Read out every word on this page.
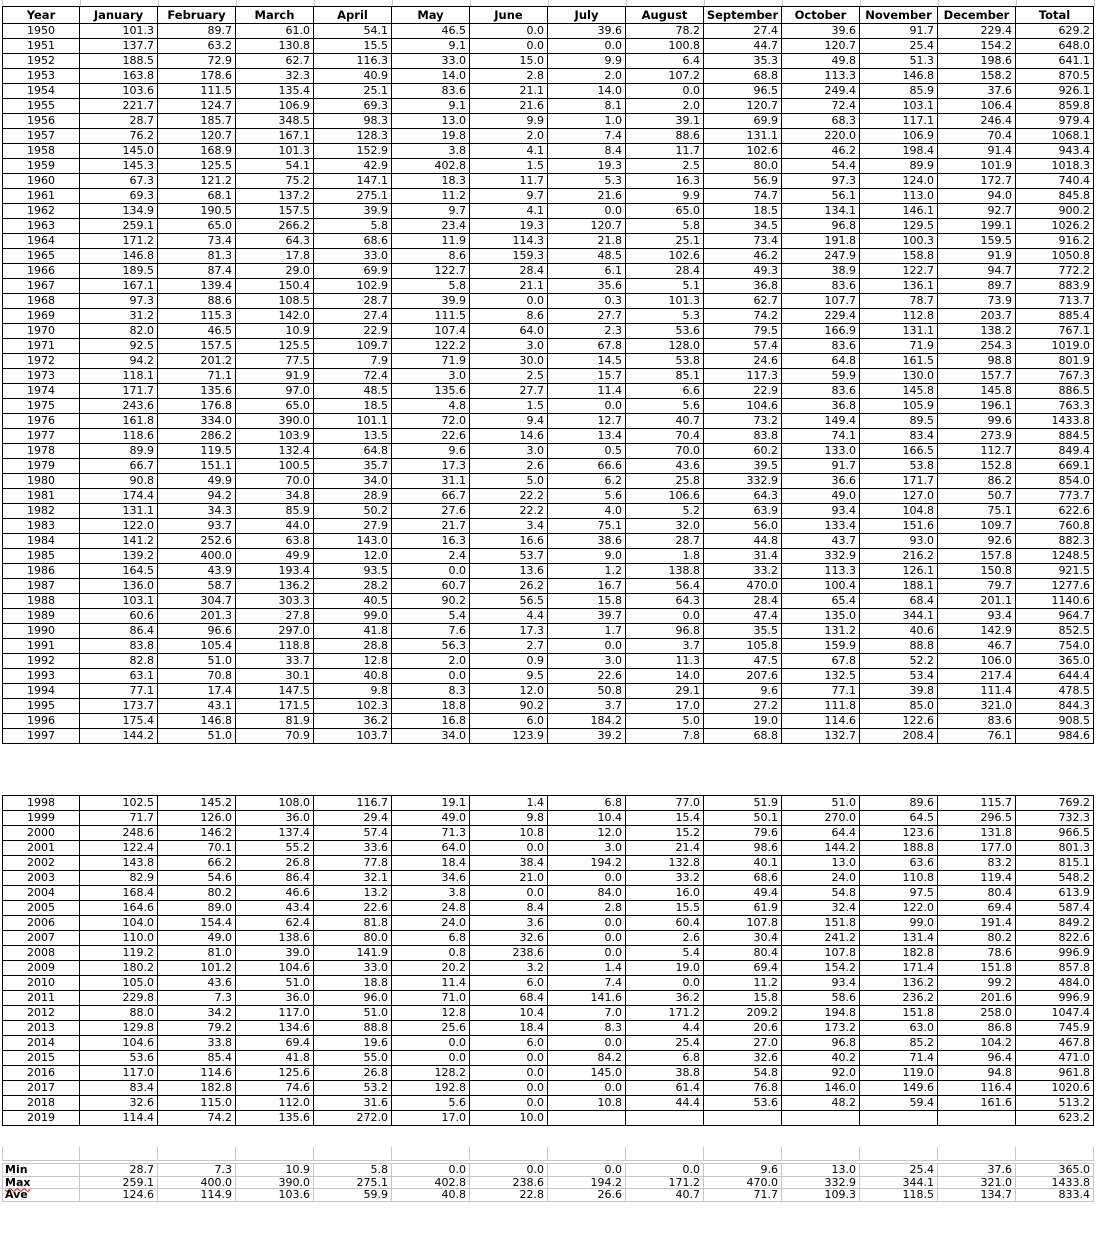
Year	January	February	March	April	May	June	July	August	September	October	November	December	Total
1950	101.3	89.7	61.0	54.1	46.5	0.0	39.6	78.2	27.4	39.6	91.7	229.4	629.2
1951	137.7	63.2	130.8	15.5	9.1	0.0	0.0	100.8	44.7	120.7	25.4	154.2	648.0
1952	188.5	72.9	62.7	116.3	33.0	15.0	9.9	6.4	35.3	49.8	51.3	198.6	641.1
1953	163.8	178.6	32.3	40.9	14.0	2.8	2.0	107.2	68.8	113.3	146.8	158.2	870.5
1954	103.6	111.5	135.4	25.1	83.6	21.1	14.0	0.0	96.5	249.4	85.9	37.6	926.1
1955	221.7	124.7	106.9	69.3	9.1	21.6	8.1	2.0	120.7	72.4	103.1	106.4	859.8
1956	28.7	185.7	348.5	98.3	13.0	9.9	1.0	39.1	69.9	68.3	117.1	246.4	979.4
1957	76.2	120.7	167.1	128.3	19.8	2.0	7.4	88.6	131.1	220.0	106.9	70.4	1068.1
1958	145.0	168.9	101.3	152.9	3.8	4.1	8.4	11.7	102.6	46.2	198.4	91.4	943.4
1959	145.3	125.5	54.1	42.9	402.8	1.5	19.3	2.5	80.0	54.4	89.9	101.9	1018.3
1960	67.3	121.2	75.2	147.1	18.3	11.7	5.3	16.3	56.9	97.3	124.0	172.7	740.4
1961	69.3	68.1	137.2	275.1	11.2	9.7	21.6	9.9	74.7	56.1	113.0	94.0	845.8
1962	134.9	190.5	157.5	39.9	9.7	4.1	0.0	65.0	18.5	134.1	146.1	92.7	900.2
1963	259.1	65.0	266.2	5.8	23.4	19.3	120.7	5.8	34.5	96.8	129.5	199.1	1026.2
1964	171.2	73.4	64.3	68.6	11.9	114.3	21.8	25.1	73.4	191.8	100.3	159.5	916.2
1965	146.8	81.3	17.8	33.0	8.6	159.3	48.5	102.6	46.2	247.9	158.8	91.9	1050.8
1966	189.5	87.4	29.0	69.9	122.7	28.4	6.1	28.4	49.3	38.9	122.7	94.7	772.2
1967	167.1	139.4	150.4	102.9	5.8	21.1	35.6	5.1	36.8	83.6	136.1	89.7	883.9
1968	97.3	88.6	108.5	28.7	39.9	0.0	0.3	101.3	62.7	107.7	78.7	73.9	713.7
1969	31.2	115.3	142.0	27.4	111.5	8.6	27.7	5.3	74.2	229.4	112.8	203.7	885.4
1970	82.0	46.5	10.9	22.9	107.4	64.0	2.3	53.6	79.5	166.9	131.1	138.2	767.1
1971	92.5	157.5	125.5	109.7	122.2	3.0	67.8	128.0	57.4	83.6	71.9	254.3	1019.0
1972	94.2	201.2	77.5	7.9	71.9	30.0	14.5	53.8	24.6	64.8	161.5	98.8	801.9
1973	118.1	71.1	91.9	72.4	3.0	2.5	15.7	85.1	117.3	59.9	130.0	157.7	767.3
1974	171.7	135.6	97.0	48.5	135.6	27.7	11.4	6.6	22.9	83.6	145.8	145.8	886.5
1975	243.6	176.8	65.0	18.5	4.8	1.5	0.0	5.6	104.6	36.8	105.9	196.1	763.3
1976	161.8	334.0	390.0	101.1	72.0	9.4	12.7	40.7	73.2	149.4	89.5	99.6	1433.8
1977	118.6	286.2	103.9	13.5	22.6	14.6	13.4	70.4	83.8	74.1	83.4	273.9	884.5
1978	89.9	119.5	132.4	64.8	9.6	3.0	0.5	70.0	60.2	133.0	166.5	112.7	849.4
1979	66.7	151.1	100.5	35.7	17.3	2.6	66.6	43.6	39.5	91.7	53.8	152.8	669.1
1980	90.8	49.9	70.0	34.0	31.1	5.0	6.2	25.8	332.9	36.6	171.7	86.2	854.0
1981	174.4	94.2	34.8	28.9	66.7	22.2	5.6	106.6	64.3	49.0	127.0	50.7	773.7
1982	131.1	34.3	85.9	50.2	27.6	22.2	4.0	5.2	63.9	93.4	104.8	75.1	622.6
1983	122.0	93.7	44.0	27.9	21.7	3.4	75.1	32.0	56.0	133.4	151.6	109.7	760.8
1984	141.2	252.6	63.8	143.0	16.3	16.6	38.6	28.7	44.8	43.7	93.0	92.6	882.3
1985	139.2	400.0	49.9	12.0	2.4	53.7	9.0	1.8	31.4	332.9	216.2	157.8	1248.5
1986	164.5	43.9	193.4	93.5	0.0	13.6	1.2	138.8	33.2	113.3	126.1	150.8	921.5
1987	136.0	58.7	136.2	28.2	60.7	26.2	16.7	56.4	470.0	100.4	188.1	79.7	1277.6
1988	103.1	304.7	303.3	40.5	90.2	56.5	15.8	64.3	28.4	65.4	68.4	201.1	1140.6
1989	60.6	201.3	27.8	99.0	5.4	4.4	39.7	0.0	47.4	135.0	344.1	93.4	964.7
1990	86.4	96.6	297.0	41.8	7.6	17.3	1.7	96.8	35.5	131.2	40.6	142.9	852.5
1991	83.8	105.4	118.8	28.8	56.3	2.7	0.0	3.7	105.8	159.9	88.8	46.7	754.0
1992	82.8	51.0	33.7	12.8	2.0	0.9	3.0	11.3	47.5	67.8	52.2	106.0	365.0
1993	63.1	70.8	30.1	40.8	0.0	9.5	22.6	14.0	207.6	132.5	53.4	217.4	644.4
1994	77.1	17.4	147.5	9.8	8.3	12.0	50.8	29.1	9.6	77.1	39.8	111.4	478.5
1995	173.7	43.1	171.5	102.3	18.8	90.2	3.7	17.0	27.2	111.8	85.0	321.0	844.3
1996	175.4	146.8	81.9	36.2	16.8	6.0	184.2	5.0	19.0	114.6	122.6	83.6	908.5
1997	144.2	51.0	70.9	103.7	34.0	123.9	39.2	7.8	68.8	132.7	208.4	76.1	984.6
1998	102.5	145.2	108.0	116.7	19.1	1.4	6.8	77.0	51.9	51.0	89.6	115.7	769.2
1999	71.7	126.0	36.0	29.4	49.0	9.8	10.4	15.4	50.1	270.0	64.5	296.5	732.3
2000	248.6	146.2	137.4	57.4	71.3	10.8	12.0	15.2	79.6	64.4	123.6	131.8	966.5
2001	122.4	70.1	55.2	33.6	64.0	0.0	3.0	21.4	98.6	144.2	188.8	177.0	801.3
2002	143.8	66.2	26.8	77.8	18.4	38.4	194.2	132.8	40.1	13.0	63.6	83.2	815.1
2003	82.9	54.6	86.4	32.1	34.6	21.0	0.0	33.2	68.6	24.0	110.8	119.4	548.2
2004	168.4	80.2	46.6	13.2	3.8	0.0	84.0	16.0	49.4	54.8	97.5	80.4	613.9
2005	164.6	89.0	43.4	22.6	24.8	8.4	2.8	15.5	61.9	32.4	122.0	69.4	587.4
2006	104.0	154.4	62.4	81.8	24.0	3.6	0.0	60.4	107.8	151.8	99.0	191.4	849.2
2007	110.0	49.0	138.6	80.0	6.8	32.6	0.0	2.6	30.4	241.2	131.4	80.2	822.6
2008	119.2	81.0	39.0	141.9	0.8	238.6	0.0	5.4	80.4	107.8	182.8	78.6	996.9
2009	180.2	101.2	104.6	33.0	20.2	3.2	1.4	19.0	69.4	154.2	171.4	151.8	857.8
2010	105.0	43.6	51.0	18.8	11.4	6.0	7.4	0.0	11.2	93.4	136.2	99.2	484.0
2011	229.8	7.3	36.0	96.0	71.0	68.4	141.6	36.2	15.8	58.6	236.2	201.6	996.9
2012	88.0	34.2	117.0	51.0	12.8	10.4	7.0	171.2	209.2	194.8	151.8	258.0	1047.4
2013	129.8	79.2	134.6	88.8	25.6	18.4	8.3	4.4	20.6	173.2	63.0	86.8	745.9
2014	104.6	33.8	69.4	19.6	0.0	6.0	0.0	25.4	27.0	96.8	85.2	104.2	467.8
2015	53.6	85.4	41.8	55.0	0.0	0.0	84.2	6.8	32.6	40.2	71.4	96.4	471.0
2016	117.0	114.6	125.6	26.8	128.2	0.0	145.0	38.8	54.8	92.0	119.0	94.8	961.8
2017	83.4	182.8	74.6	53.2	192.8	0.0	0.0	61.4	76.8	146.0	149.6	116.4	1020.6
2018	32.6	115.0	112.0	31.6	5.6	0.0	10.8	44.4	53.6	48.2	59.4	161.6	513.2
2019	114.4	74.2	135.6	272.0	17.0	10.0							623.2

Min	28.7	7.3	10.9	5.8	0.0	0.0	0.0	0.0	9.6	13.0	25.4	37.6	365.0
Max	259.1	400.0	390.0	275.1	402.8	238.6	194.2	171.2	470.0	332.9	344.1	321.0	1433.8
Ave	124.6	114.9	103.6	59.9	40.8	22.8	26.6	40.7	71.7	109.3	118.5	134.7	833.4
